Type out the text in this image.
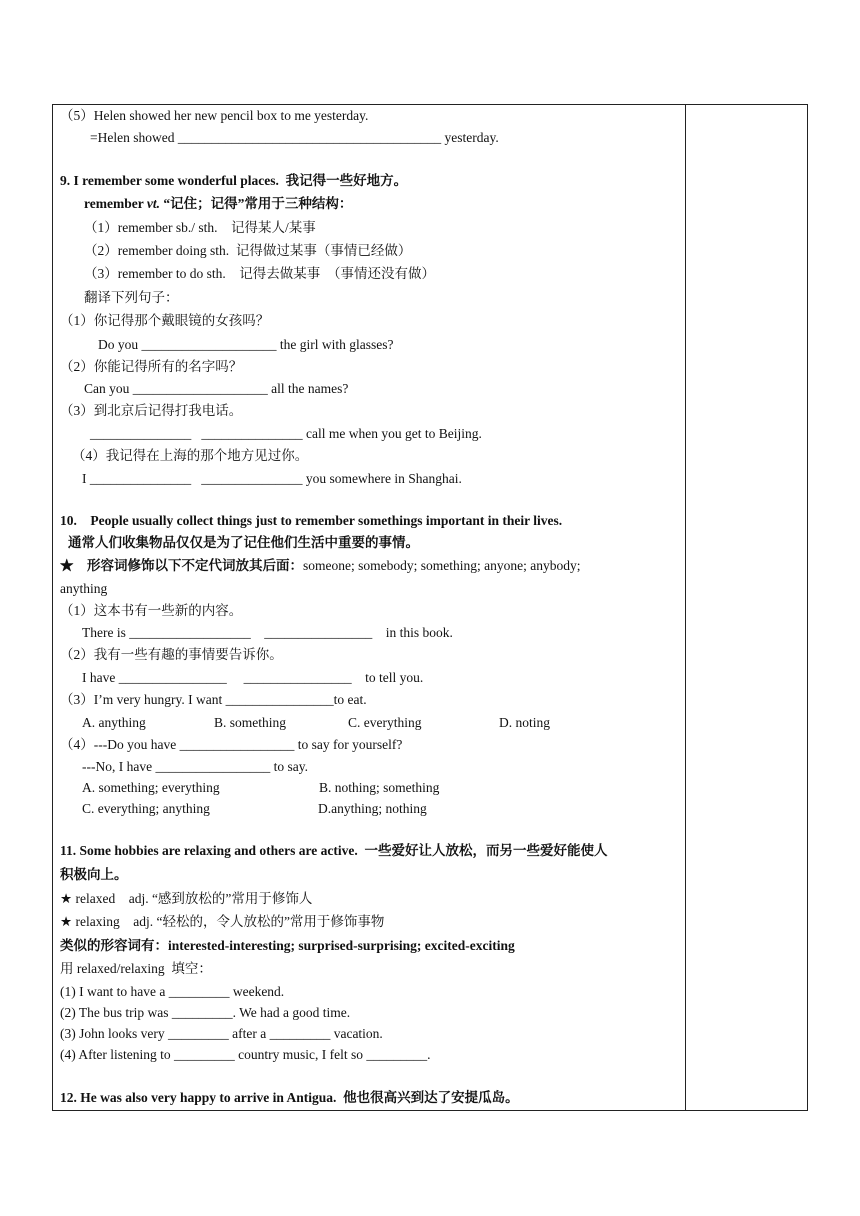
（5）Helen showed her new pencil box to me yesterday.
=Helen showed _______________________________________ yesterday.
9. I remember some wonderful places.  我记得一些好地方。
remember vt. “记住；记得”常用于三种结构：
（1）remember sb./ sth.    记得某人/某事
（2）remember doing sth.  记得做过某事（事情已经做）
（3）remember to do sth.    记得去做某事  （事情还没有做）
翻译下列句子：
（1）你记得那个戴眼镜的女孩吗？
Do you ____________________ the girl with glasses?
（2）你能记得所有的名字吗？
Can you ____________________ all the names?
（3）到北京后记得打我电话。
_______________   _______________ call me when you get to Beijing.
（4）我记得在上海的那个地方见过你。
I _______________   _______________ you somewhere in Shanghai.
10.    People usually collect things just to remember somethings important in their lives.
通常人们收集物品仅仅是为了记住他们生活中重要的事情。
★    形容词修饰以下不定代词放其后面：someone; somebody; something; anyone; anybody;
anything
（1）这本书有一些新的内容。
There is __________________    ________________    in this book.
（2）我有一些有趣的事情要告诉你。
I have ________________     ________________    to tell you.
（3）I’m very hungry. I want ________________to eat.
A. anything	B. something	C. everything	D. noting
（4）---Do you have _________________ to say for yourself?
---No, I have _________________ to say.
A. something; everything	B. nothing; something
C. everything; anything	D.anything; nothing
11. Some hobbies are relaxing and others are active.  一些爱好让人放松，而另一些爱好能使人
积极向上。
★ relaxed    adj. “感到放松的”常用于修饰人
★ relaxing    adj. “轻松的，令人放松的”常用于修饰事物
类似的形容词有：interested-interesting; surprised-surprising; excited-exciting
用 relaxed/relaxing  填空：
(1) I want to have a _________ weekend.
(2) The bus trip was _________. We had a good time.
(3) John looks very _________ after a _________ vacation.
(4) After listening to _________ country music, I felt so _________.
12. He was also very happy to arrive in Antigua.  他也很高兴到达了安提瓜岛。
